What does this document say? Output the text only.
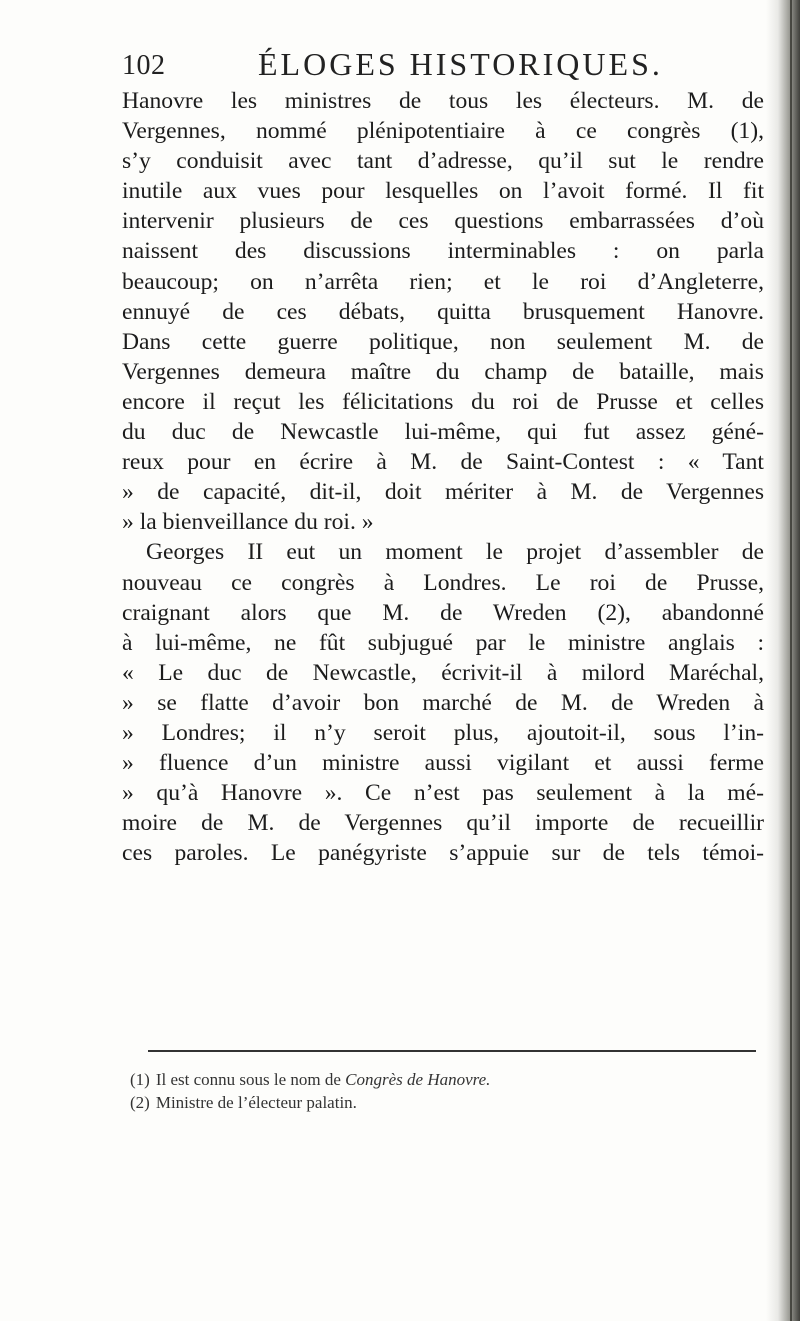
102	ÉLOGES HISTORIQUES.
Hanovre les ministres de tous les électeurs. M. de
Vergennes, nommé plénipotentiaire à ce congrès (1),
s’y conduisit avec tant d’adresse, qu’il sut le rendre
inutile aux vues pour lesquelles on l’avoit formé. Il fit
intervenir plusieurs de ces questions embarrassées d’où
naissent des discussions interminables : on parla
beaucoup; on n’arrêta rien; et le roi d’Angleterre,
ennuyé de ces débats, quitta brusquement Hanovre.
Dans cette guerre politique, non seulement M. de
Vergennes demeura maître du champ de bataille, mais
encore il reçut les félicitations du roi de Prusse et celles
du duc de Newcastle lui-même, qui fut assez géné-
reux pour en écrire à M. de Saint-Contest : « Tant
» de capacité, dit-il, doit mériter à M. de Vergennes
» la bienveillance du roi. »
Georges II eut un moment le projet d’assembler de
nouveau ce congrès à Londres. Le roi de Prusse,
craignant alors que M. de Wreden (2), abandonné
à lui-même, ne fût subjugué par le ministre anglais :
« Le duc de Newcastle, écrivit-il à milord Maréchal,
» se flatte d’avoir bon marché de M. de Wreden à
» Londres; il n’y seroit plus, ajoutoit-il, sous l’in-
» fluence d’un ministre aussi vigilant et aussi ferme
» qu’à Hanovre ». Ce n’est pas seulement à la mé-
moire de M. de Vergennes qu’il importe de recueillir
ces paroles. Le panégyriste s’appuie sur de tels témoi-
(1) Il est connu sous le nom de Congrès de Hanovre.
(2) Ministre de l’électeur palatin.
